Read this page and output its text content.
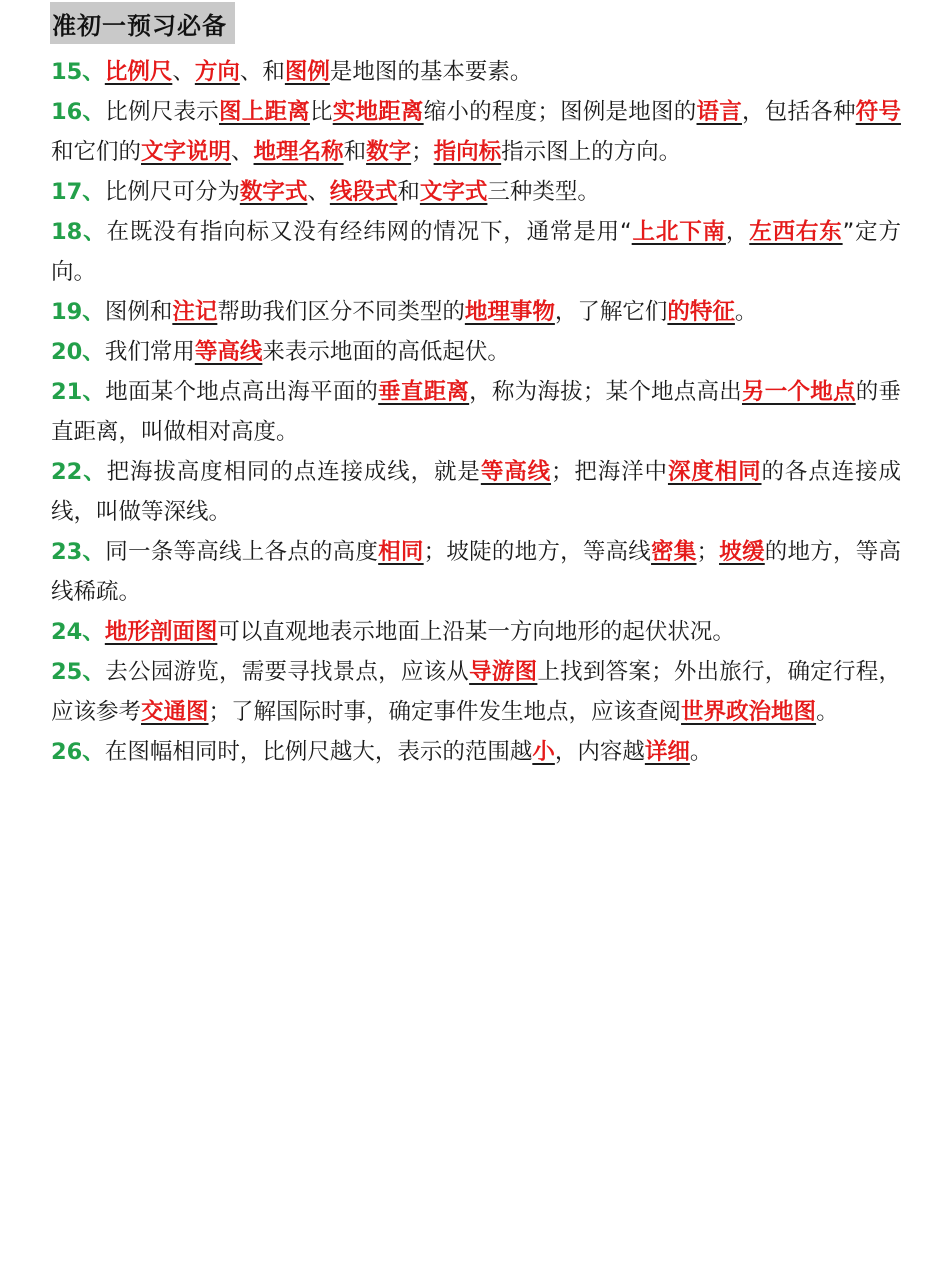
准初一预习必备
15、比例尺、方向、和图例是地图的基本要素。
16、比例尺表示图上距离比实地距离缩小的程度；图例是地图的语言，包括各种符号和它们的文字说明、地理名称和数字；指向标指示图上的方向。
17、比例尺可分为数字式、线段式和文字式三种类型。
18、在既没有指向标又没有经纬网的情况下，通常是用“上北下南，左西右东”定方向。
19、图例和注记帮助我们区分不同类型的地理事物，了解它们的特征。
20、我们常用等高线来表示地面的高低起伏。
21、地面某个地点高出海平面的垂直距离，称为海拔；某个地点高出另一个地点的垂直距离，叫做相对高度。
22、把海拔高度相同的点连接成线，就是等高线；把海洋中深度相同的各点连接成线，叫做等深线。
23、同一条等高线上各点的高度相同；坡陡的地方，等高线密集；坡缓的地方，等高线稀疏。
24、地形剖面图可以直观地表示地面上沿某一方向地形的起伏状况。
25、去公园游览，需要寻找景点，应该从导游图上找到答案；外出旅行，确定行程，应该参考交通图；了解国际时事，确定事件发生地点，应该查阅世界政治地图。
26、在图幅相同时，比例尺越大，表示的范围越小，内容越详细。
